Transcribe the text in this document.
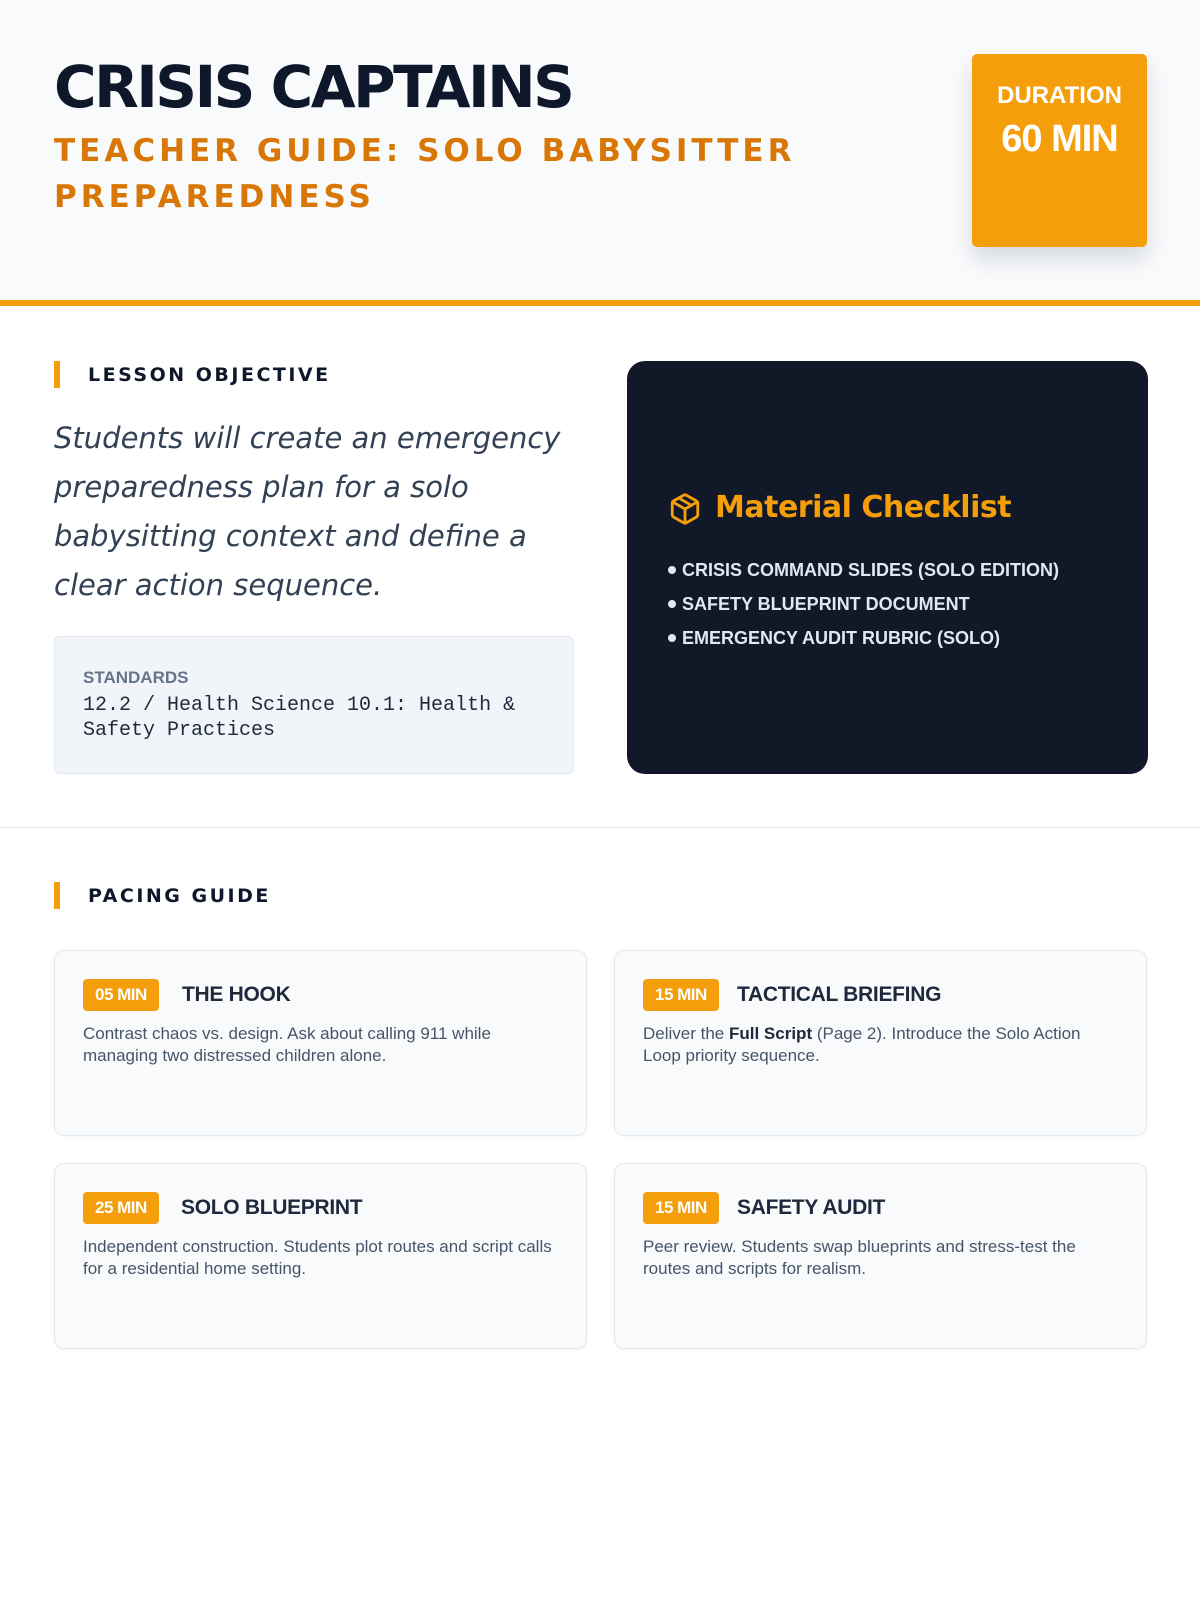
CRISIS CAPTAINS
TEACHER GUIDE: SOLO BABYSITTER PREPAREDNESS
DURATION
60 MIN
LESSON OBJECTIVE
Students will create an emergency preparedness plan for a solo babysitting context and define a clear action sequence.
STANDARDS
12.2 / Health Science 10.1: Health & Safety Practices
Material Checklist
CRISIS COMMAND SLIDES (SOLO EDITION)
SAFETY BLUEPRINT DOCUMENT
EMERGENCY AUDIT RUBRIC (SOLO)
PACING GUIDE
05 MIN	THE HOOK
Contrast chaos vs. design. Ask about calling 911 while managing two distressed children alone.
15 MIN	TACTICAL BRIEFING
Deliver the Full Script (Page 2). Introduce the Solo Action Loop priority sequence.
25 MIN	SOLO BLUEPRINT
Independent construction. Students plot routes and script calls for a residential home setting.
15 MIN	SAFETY AUDIT
Peer review. Students swap blueprints and stress-test the routes and scripts for realism.
